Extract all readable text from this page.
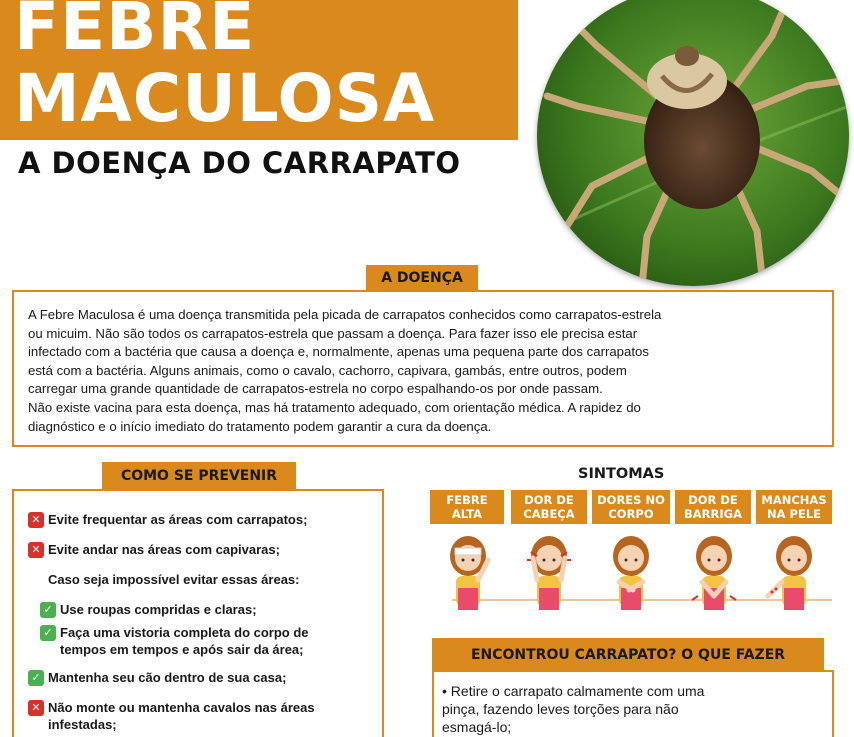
FEBRE
MACULOSA
A DOENÇA DO CARRAPATO
A Febre Maculosa é uma doença transmitida pela picada de carrapatos conhecidos como carrapatos-estrela
ou micuim. Não são todos os carrapatos-estrela que passam a doença. Para fazer isso ele precisa estar
infectado com a bactéria que causa a doença e, normalmente, apenas uma pequena parte dos carrapatos
está com a bactéria. Alguns animais, como o cavalo, cachorro, capivara, gambás, entre outros, podem
carregar uma grande quantidade de carrapatos-estrela no corpo espalhando-os por onde passam.
Não existe vacina para esta doença, mas há tratamento adequado, com orientação médica. A rapidez do
diagnóstico e o início imediato do tratamento podem garantir a cura da doença.
A DOENÇA
✕ Evite frequentar as áreas com carrapatos;
✕ Evite andar nas áreas com capivaras;
Caso seja impossível evitar essas áreas:
✓ Use roupas compridas e claras;
✓ Faça uma vistoria completa do corpo de
tempos em tempos e após sair da área;
✓ Mantenha seu cão dentro de sua casa;
✕ Não monte ou mantenha cavalos nas áreas
infestadas;
COMO SE PREVENIR	SINTOMAS
FEBRE
ALTA
DOR DE
CABEÇA
DORES NO
CORPO
DOR DE
BARRIGA
MANCHAS
NA PELE
• Retire o carrapato calmamente com uma
pinça, fazendo leves torções para não
esmagá-lo;
ENCONTROU CARRAPATO? O QUE FAZER
